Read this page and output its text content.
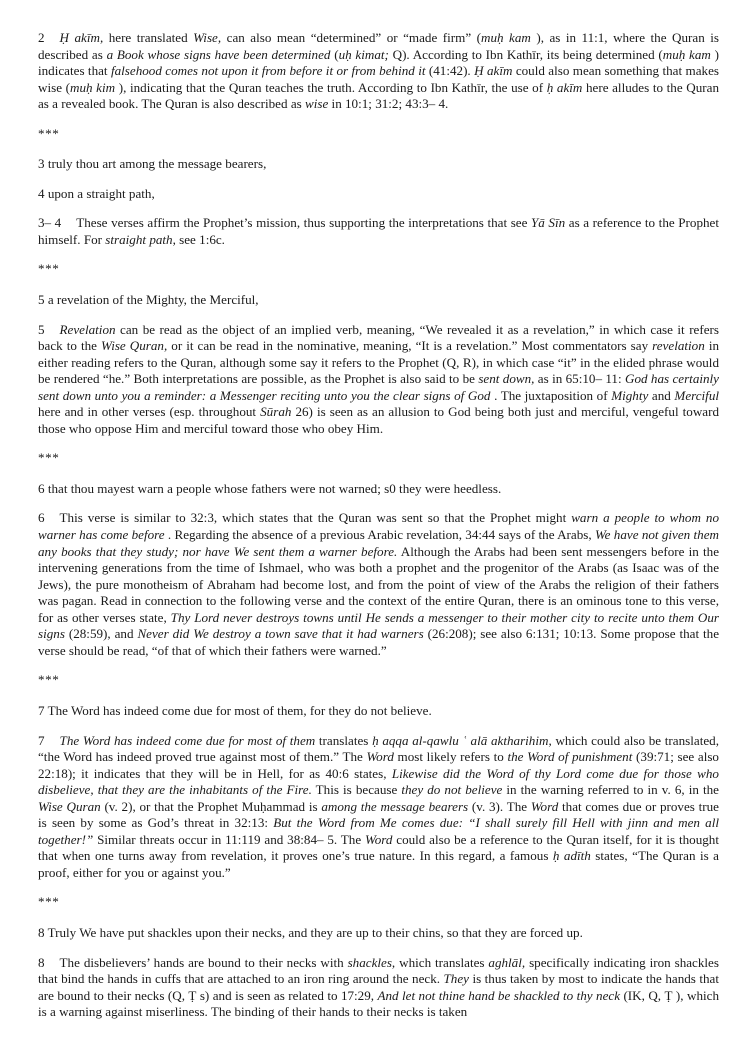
2 Ḥ akīm, here translated Wise, can also mean “determined” or “made firm” (muḥ kam ), as in 11:1, where the Quran is described as a Book whose signs have been determined (uḥ kimat; Q). According to Ibn Kathīr, its being determined (muḥ kam ) indicates that falsehood comes not upon it from before it or from behind it (41:42). Ḥ akīm could also mean something that makes wise (muḥ kim ), indicating that the Quran teaches the truth. According to Ibn Kathīr, the use of ḥ akīm here alludes to the Quran as a revealed book. The Quran is also described as wise in 10:1; 31:2; 43:3– 4.

***

3 truly thou art among the message bearers,

4 upon a straight path,

3– 4 These verses affirm the Prophet’s mission, thus supporting the interpretations that see Yā Sīn as a reference to the Prophet himself. For straight path, see 1:6c.

***

5 a revelation of the Mighty, the Merciful,

5 Revelation can be read as the object of an implied verb, meaning, “We revealed it as a revelation,” in which case it refers back to the Wise Quran, or it can be read in the nominative, meaning, “It is a revelation.” Most commentators say revelation in either reading refers to the Quran, although some say it refers to the Prophet (Q, R), in which case “it” in the elided phrase would be rendered “he.” Both interpretations are possible, as the Prophet is also said to be sent down, as in 65:10– 11: God has certainly sent down unto you a reminder: a Messenger reciting unto you the clear signs of God . The juxtaposition of Mighty and Merciful here and in other verses (esp. throughout Sūrah 26) is seen as an allusion to God being both just and merciful, vengeful toward those who oppose Him and merciful toward those who obey Him.

***

6 that thou mayest warn a people whose fathers were not warned; s0 they were heedless.

6 This verse is similar to 32:3, which states that the Quran was sent so that the Prophet might warn a people to whom no warner has come before . Regarding the absence of a previous Arabic revelation, 34:44 says of the Arabs, We have not given them any books that they study; nor have We sent them a warner before. Although the Arabs had been sent messengers before in the intervening generations from the time of Ishmael, who was both a prophet and the progenitor of the Arabs (as Isaac was of the Jews), the pure monotheism of Abraham had become lost, and from the point of view of the Arabs the religion of their fathers was pagan. Read in connection to the following verse and the context of the entire Quran, there is an ominous tone to this verse, for as other verses state, Thy Lord never destroys towns until He sends a messenger to their mother city to recite unto them Our signs (28:59), and Never did We destroy a town save that it had warners (26:208); see also 6:131; 10:13. Some propose that the verse should be read, “of that of which their fathers were warned.”

***

7 The Word has indeed come due for most of them, for they do not believe.

7 The Word has indeed come due for most of them translates ḥ aqqa al-qawlu ʿ alā aktharihim, which could also be translated, “the Word has indeed proved true against most of them.” The Word most likely refers to the Word of punishment (39:71; see also 22:18); it indicates that they will be in Hell, for as 40:6 states, Likewise did the Word of thy Lord come due for those who disbelieve, that they are the inhabitants of the Fire. This is because they do not believe in the warning referred to in v. 6, in the Wise Quran (v. 2), or that the Prophet Muḥammad is among the message bearers (v. 3). The Word that comes due or proves true is seen by some as God’s threat in 32:13: But the Word from Me comes due: “I shall surely fill Hell with jinn and men all together!” Similar threats occur in 11:119 and 38:84– 5. The Word could also be a reference to the Quran itself, for it is thought that when one turns away from revelation, it proves one’s true nature. In this regard, a famous ḥ adīth states, “The Quran is a proof, either for you or against you.”

***

8 Truly We have put shackles upon their necks, and they are up to their chins, so that they are forced up.

8 The disbelievers’ hands are bound to their necks with shackles, which translates aghlāl, specifically indicating iron shackles that bind the hands in cuffs that are attached to an iron ring around the neck. They is thus taken by most to indicate the hands that are bound to their necks (Q, Ṭ s) and is seen as related to 17:29, And let not thine hand be shackled to thy neck (IK, Q, Ṭ ), which is a warning against miserliness. The binding of their hands to their necks is taken
